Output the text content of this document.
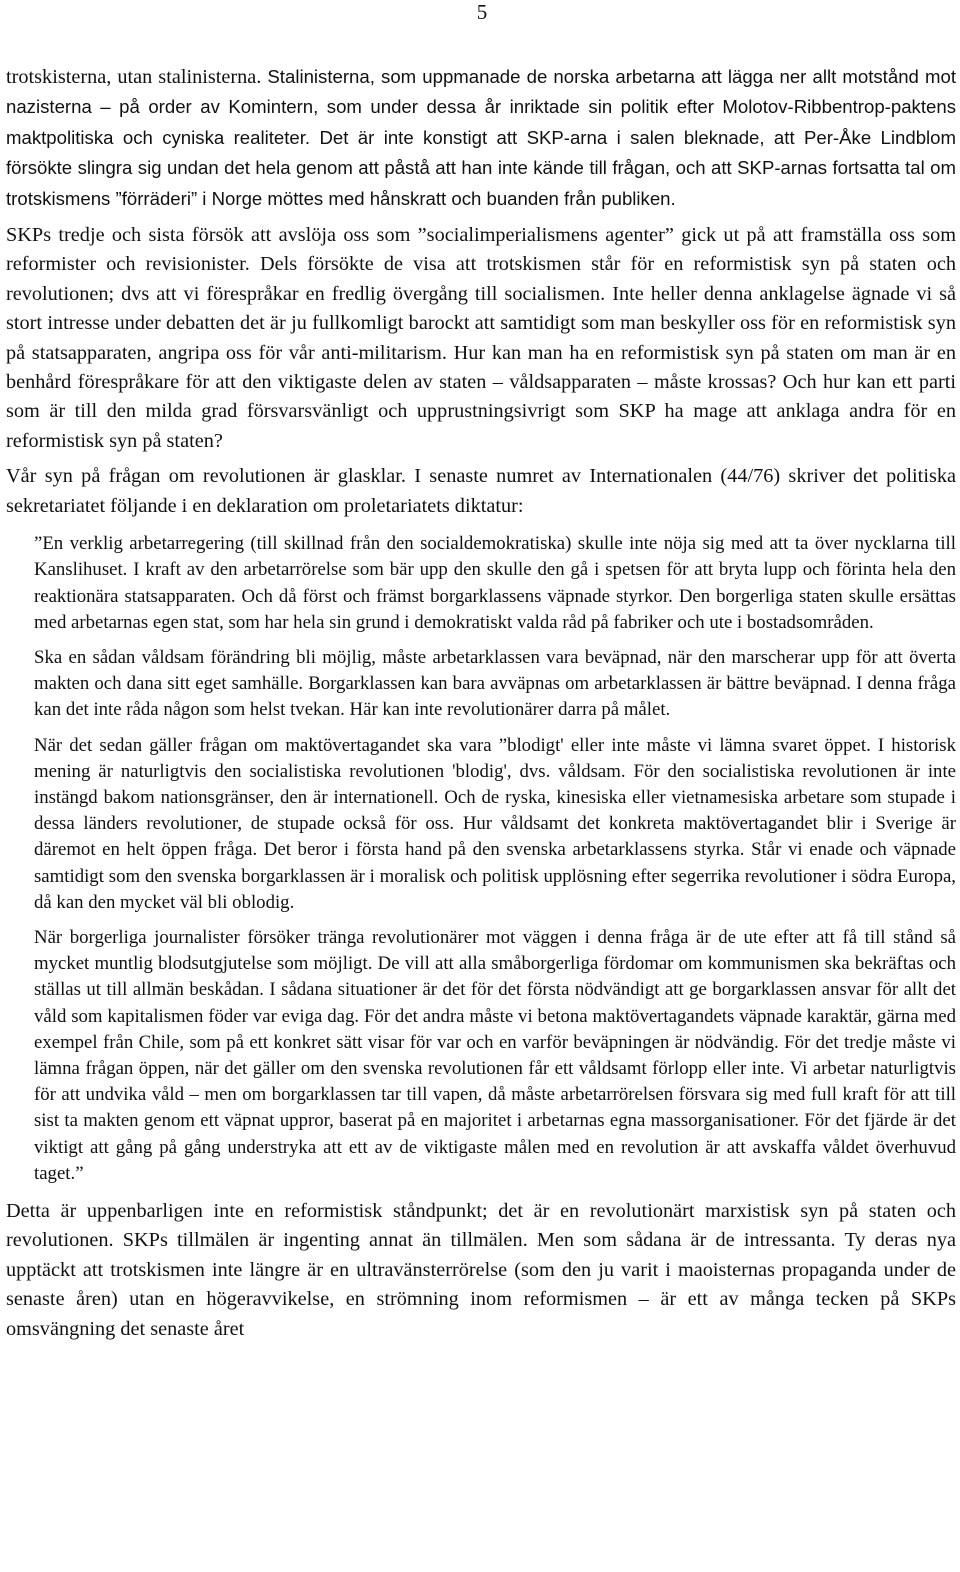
5

trotskisterna, utan stalinisterna. Stalinisterna, som uppmanade de norska arbetarna att lägga ner allt motstånd mot nazisterna – på order av Komintern, som under dessa år inriktade sin politik efter Molotov-Ribbentrop-paktens maktpolitiska och cyniska realiteter. Det är inte konstigt att SKP-arna i salen bleknade, att Per-Åke Lindblom försökte slingra sig undan det hela genom att påstå att han inte kände till frågan, och att SKP-arnas fortsatta tal om trotskismens ”förräderi” i Norge möttes med hånskratt och buanden från publiken.

SKPs tredje och sista försök att avslöja oss som ”socialimperialismens agenter” gick ut på att framställa oss som reformister och revisionister. Dels försökte de visa att trotskismen står för en reformistisk syn på staten och revolutionen; dvs att vi förespråkar en fredlig övergång till socialismen. Inte heller denna anklagelse ägnade vi så stort intresse under debatten det är ju fullkomligt barockt att samtidigt som man beskyller oss för en reformistisk syn på statsapparaten, angripa oss för vår anti-militarism. Hur kan man ha en reformistisk syn på staten om man är en benhård förespråkare för att den viktigaste delen av staten – våldsapparaten – måste krossas? Och hur kan ett parti som är till den milda grad försvarsvänligt och upprustningsivrigt som SKP ha mage att anklaga andra för en reformistisk syn på staten?

Vår syn på frågan om revolutionen är glasklar. I senaste numret av Internationalen (44/76) skriver det politiska sekretariatet följande i en deklaration om proletariatets diktatur:

”En verklig arbetarregering (till skillnad från den socialdemokratiska) skulle inte nöja sig med att ta över nycklarna till Kanslihuset. I kraft av den arbetarrörelse som bär upp den skulle den gå i spetsen för att bryta lupp och förinta hela den reaktionära statsapparaten. Och då först och främst borgarklassens väpnade styrkor. Den borgerliga staten skulle ersättas med arbetarnas egen stat, som har hela sin grund i demokratiskt valda råd på fabriker och ute i bostadsområden.

Ska en sådan våldsam förändring bli möjlig, måste arbetarklassen vara beväpnad, när den marscherar upp för att överta makten och dana sitt eget samhälle. Borgarklassen kan bara avväpnas om arbetarklassen är bättre beväpnad. I denna fråga kan det inte råda någon som helst tvekan. Här kan inte revolutionärer darra på målet.

När det sedan gäller frågan om maktövertagandet ska vara ”blodigt' eller inte måste vi lämna svaret öppet. I historisk mening är naturligtvis den socialistiska revolutionen 'blodig', dvs. våldsam. För den socialistiska revolutionen är inte instängd bakom nationsgränser, den är internationell. Och de ryska, kinesiska eller vietnamesiska arbetare som stupade i dessa länders revolutioner, de stupade också för oss. Hur våldsamt det konkreta maktövertagandet blir i Sverige är däremot en helt öppen fråga. Det beror i första hand på den svenska arbetarklassens styrka. Står vi enade och väpnade samtidigt som den svenska borgarklassen är i moralisk och politisk upplösning efter segerrika revolutioner i södra Europa, då kan den mycket väl bli oblodig.

När borgerliga journalister försöker tränga revolutionärer mot väggen i denna fråga är de ute efter att få till stånd så mycket muntlig blodsutgjutelse som möjligt. De vill att alla småborgerliga fördomar om kommunismen ska bekräftas och ställas ut till allmän beskådan. I sådana situationer är det för det första nödvändigt att ge borgarklassen ansvar för allt det våld som kapitalismen föder var eviga dag. För det andra måste vi betona maktövertagandets väpnade karaktär, gärna med exempel från Chile, som på ett konkret sätt visar för var och en varför beväpningen är nödvändig. För det tredje måste vi lämna frågan öppen, när det gäller om den svenska revolutionen får ett våldsamt förlopp eller inte. Vi arbetar naturligtvis för att undvika våld – men om borgarklassen tar till vapen, då måste arbetarrörelsen försvara sig med full kraft för att till sist ta makten genom ett väpnat uppror, baserat på en majoritet i arbetarnas egna massorganisationer. För det fjärde är det viktigt att gång på gång understryka att ett av de viktigaste målen med en revolution är att avskaffa våldet överhuvud taget.”

Detta är uppenbarligen inte en reformistisk ståndpunkt; det är en revolutionärt marxistisk syn på staten och revolutionen. SKPs tillmälen är ingenting annat än tillmälen. Men som sådana är de intressanta. Ty deras nya upptäckt att trotskismen inte längre är en ultravänsterrörelse (som den ju varit i maoisternas propaganda under de senaste åren) utan en högeravvikelse, en strömning inom reformismen – är ett av många tecken på SKPs omsvängning det senaste året
